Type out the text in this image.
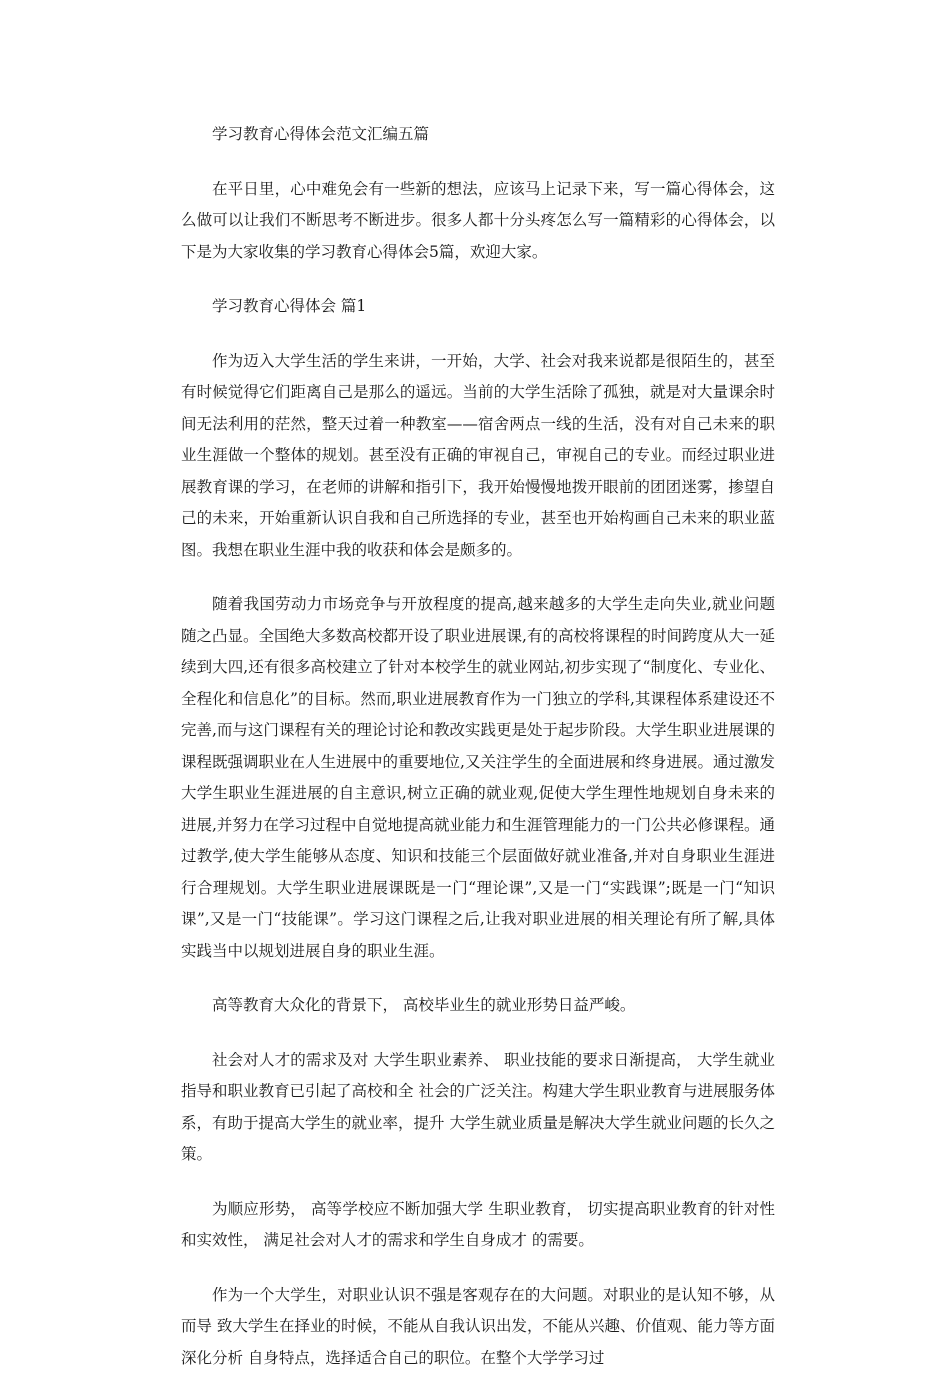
学习教育心得体会范文汇编五篇

在平日里，心中难免会有一些新的想法，应该马上记录下来，写一篇心得体会，这么做可以让我们不断思考不断进步。很多人都十分头疼怎么写一篇精彩的心得体会，以下是为大家收集的学习教育心得体会5篇，欢迎大家。

学习教育心得体会 篇1

作为迈入大学生活的学生来讲，一开始，大学、社会对我来说都是很陌生的，甚至有时候觉得它们距离自己是那么的遥远。当前的大学生活除了孤独，就是对大量课余时间无法利用的茫然，整天过着一种教室——宿舍两点一线的生活，没有对自己未来的职业生涯做一个整体的规划。甚至没有正确的审视自己，审视自己的专业。而经过职业进展教育课的学习，在老师的讲解和指引下，我开始慢慢地拨开眼前的团团迷雾，掺望自己的未来，开始重新认识自我和自己所选择的专业，甚至也开始构画自己未来的职业蓝图。我想在职业生涯中我的收获和体会是颇多的。

随着我国劳动力市场竞争与开放程度的提高,越来越多的大学生走向失业,就业问题随之凸显。全国绝大多数高校都开设了职业进展课,有的高校将课程的时间跨度从大一延续到大四,还有很多高校建立了针对本校学生的就业网站,初步实现了“制度化、专业化、全程化和信息化”的目标。然而,职业进展教育作为一门独立的学科,其课程体系建设还不完善,而与这门课程有关的理论讨论和教改实践更是处于起步阶段。大学生职业进展课的课程既强调职业在人生进展中的重要地位,又关注学生的全面进展和终身进展。通过激发大学生职业生涯进展的自主意识,树立正确的就业观,促使大学生理性地规划自身未来的进展,并努力在学习过程中自觉地提高就业能力和生涯管理能力的一门公共必修课程。通过教学,使大学生能够从态度、知识和技能三个层面做好就业准备,并对自身职业生涯进行合理规划。大学生职业进展课既是一门“理论课”,又是一门“实践课”;既是一门“知识课”,又是一门“技能课”。学习这门课程之后,让我对职业进展的相关理论有所了解,具体实践当中以规划进展自身的职业生涯。

高等教育大众化的背景下， 高校毕业生的就业形势日益严峻。

社会对人才的需求及对 大学生职业素养、 职业技能的要求日渐提高， 大学生就业指导和职业教育已引起了高校和全 社会的广泛关注。构建大学生职业教育与进展服务体系，有助于提高大学生的就业率，提升 大学生就业质量是解决大学生就业问题的长久之策。

为顺应形势， 高等学校应不断加强大学 生职业教育， 切实提高职业教育的针对性和实效性， 满足社会对人才的需求和学生自身成才 的需要。

作为一个大学生，对职业认识不强是客观存在的大问题。对职业的是认知不够，从而导 致大学生在择业的时候，不能从自我认识出发，不能从兴趣、价值观、能力等方面深化分析 自身特点，选择适合自己的职位。在整个大学学习过
